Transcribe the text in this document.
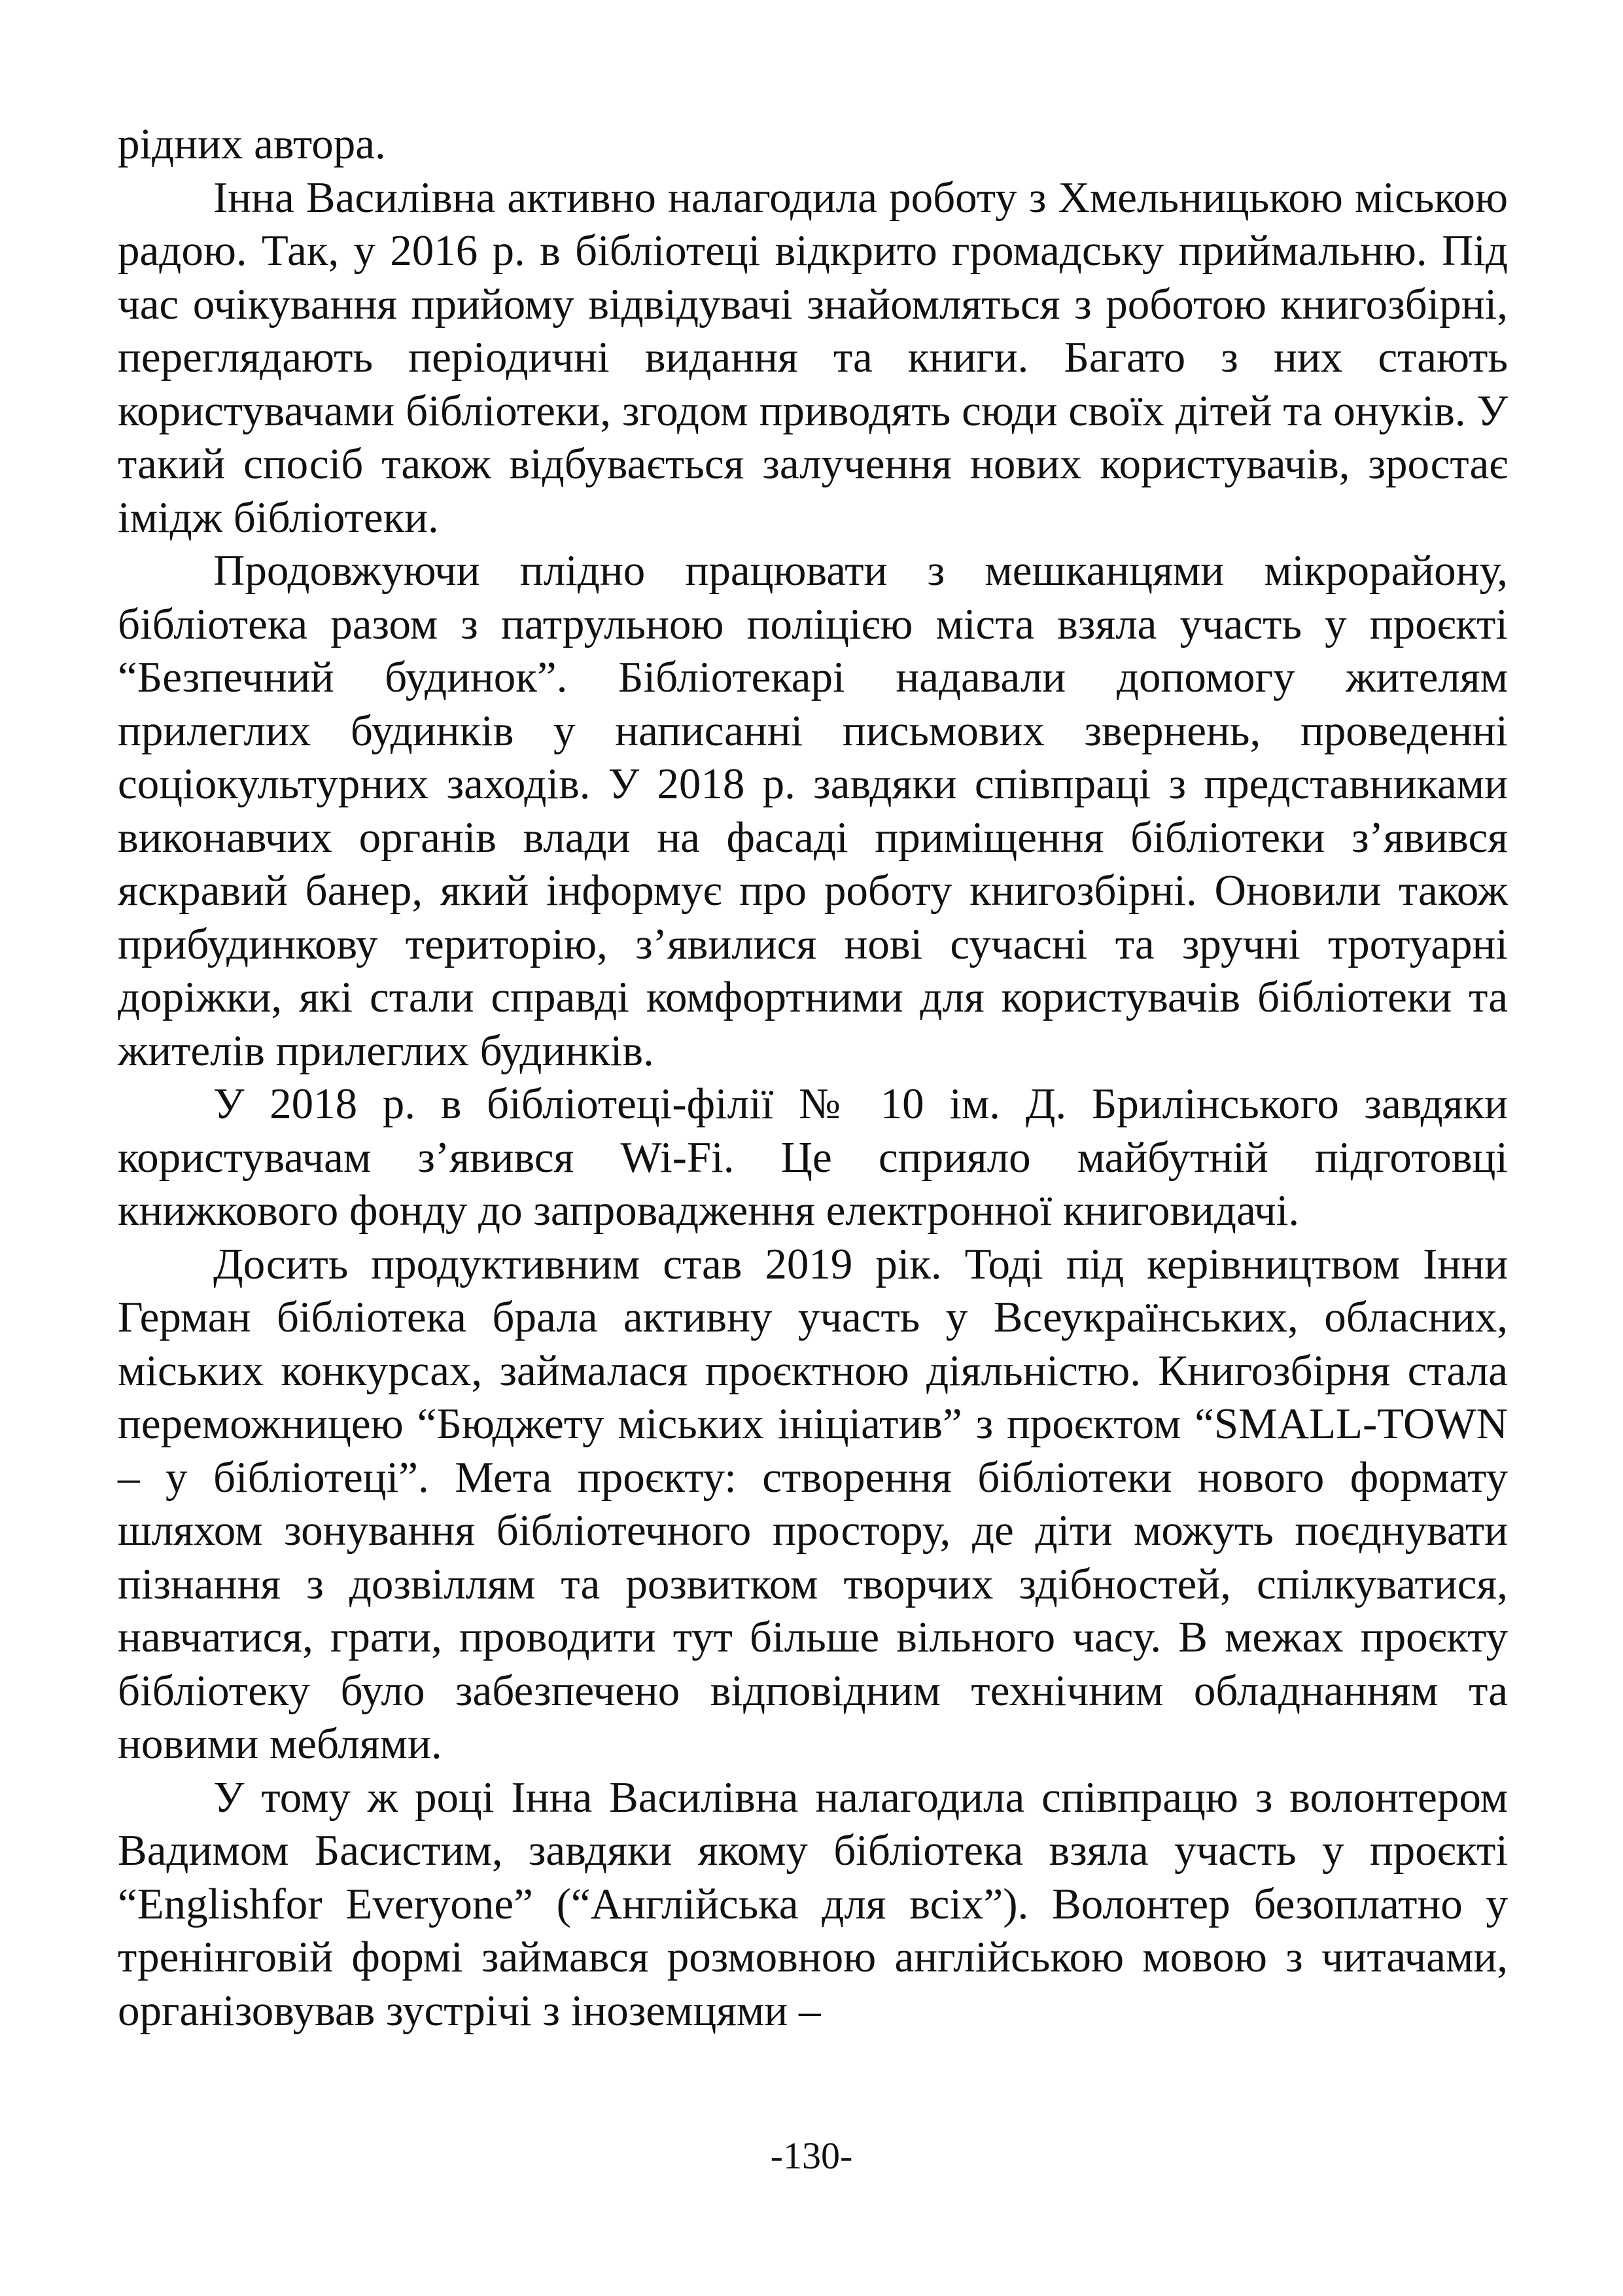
рідних автора.

Інна Василівна активно налагодила роботу з Хмельницькою міською радою. Так, у 2016 р. в бібліотеці відкрито громадську приймальню. Під час очікування прийому відвідувачі знайомляться з роботою книгозбірні, переглядають періодичні видання та книги. Багато з них стають користувачами бібліотеки, згодом приводять сюди своїх дітей та онуків. У такий спосіб також відбувається залучення нових користувачів, зростає імідж бібліотеки.

Продовжуючи плідно працювати з мешканцями мікрорайону, бібліотека разом з патрульною поліцією міста взяла участь у проєкті “Безпечний будинок”. Бібліотекарі надавали допомогу жителям прилеглих будинків у написанні письмових звернень, проведенні соціокультурних заходів. У 2018 р. завдяки співпраці з представниками виконавчих органів влади на фасаді приміщення бібліотеки з’явився яскравий банер, який інформує про роботу книгозбірні. Оновили також прибудинкову територію, з’явилися нові сучасні та зручні тротуарні доріжки, які стали справді комфортними для користувачів бібліотеки та жителів прилеглих будинків.

У 2018 р. в бібліотеці-філії № 10 ім. Д. Брилінського завдяки користувачам з’явився Wi-Fi. Це сприяло майбутній підготовці книжкового фонду до запровадження електронної книговидачі.

Досить продуктивним став 2019 рік. Тоді під керівництвом Інни Герман бібліотека брала активну участь у Всеукраїнських, обласних, міських конкурсах, займалася проєктною діяльністю. Книгозбірня стала переможницею “Бюджету міських ініціатив” з проєктом “SMALL-TOWN – у бібліотеці”. Мета проєкту: створення бібліотеки нового формату шляхом зонування бібліотечного простору, де діти можуть поєднувати пізнання з дозвіллям та розвитком творчих здібностей, спілкуватися, навчатися, грати, проводити тут більше вільного часу. В межах проєкту бібліотеку було забезпечено відповідним технічним обладнанням та новими меблями.

У тому ж році Інна Василівна налагодила співпрацю з волонтером Вадимом Басистим, завдяки якому бібліотека взяла участь у проєкті “Englishfor Everyone” (“Англійська для всіх”). Волонтер безоплатно у тренінговій формі займався розмовною англійською мовою з читачами, організовував зустрічі з іноземцями –

-130-
